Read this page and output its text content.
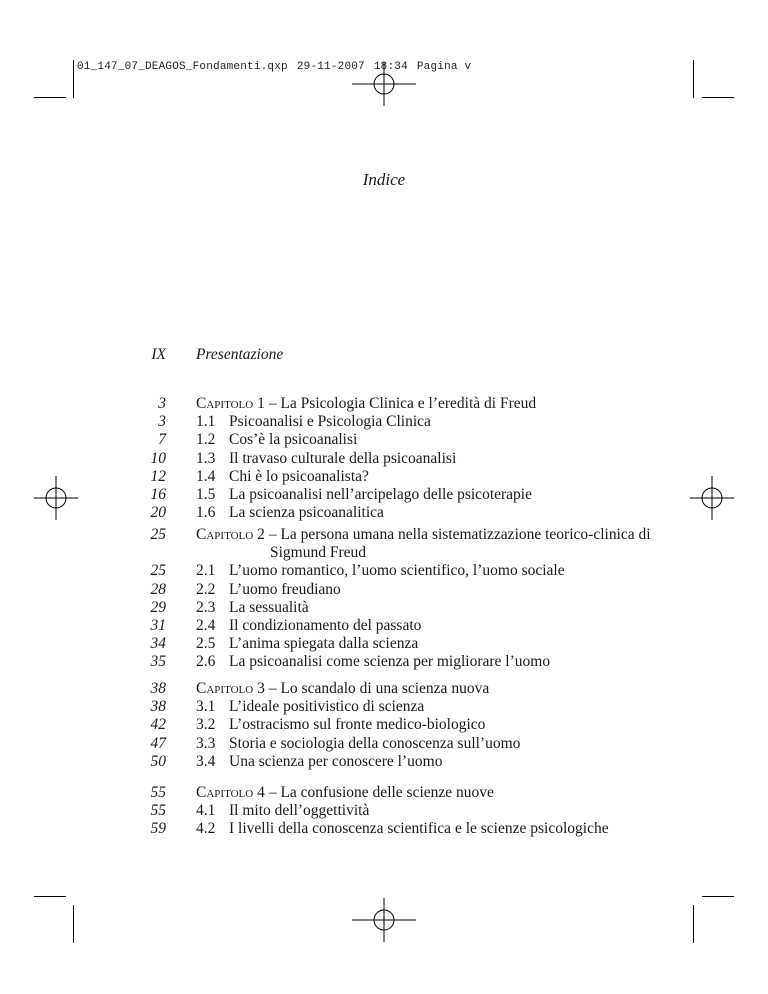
01_147_07_DEAGOS_Fondamenti.qxp 29-11-2007 18:34 Pagina v
Indice
IX Presentazione
3 Capitolo 1 – La Psicologia Clinica e l’eredità di Freud
3 1.1 Psicoanalisi e Psicologia Clinica
7 1.2 Cos’è la psicoanalisi
10 1.3 Il travaso culturale della psicoanalisi
12 1.4 Chi è lo psicoanalista?
16 1.5 La psicoanalisi nell’arcipelago delle psicoterapie
20 1.6 La scienza psicoanalitica
25 Capitolo 2 – La persona umana nella sistematizzazione teorico-clinica di
Sigmund Freud
25 2.1 L’uomo romantico, l’uomo scientifico, l’uomo sociale
28 2.2 L’uomo freudiano
29 2.3 La sessualità
31 2.4 Il condizionamento del passato
34 2.5 L’anima spiegata dalla scienza
35 2.6 La psicoanalisi come scienza per migliorare l’uomo
38 Capitolo 3 – Lo scandalo di una scienza nuova
38 3.1 L’ideale positivistico di scienza
42 3.2 L’ostracismo sul fronte medico-biologico
47 3.3 Storia e sociologia della conoscenza sull’uomo
50 3.4 Una scienza per conoscere l’uomo
55 Capitolo 4 – La confusione delle scienze nuove
55 4.1 Il mito dell’oggettività
59 4.2 I livelli della conoscenza scientifica e le scienze psicologiche
